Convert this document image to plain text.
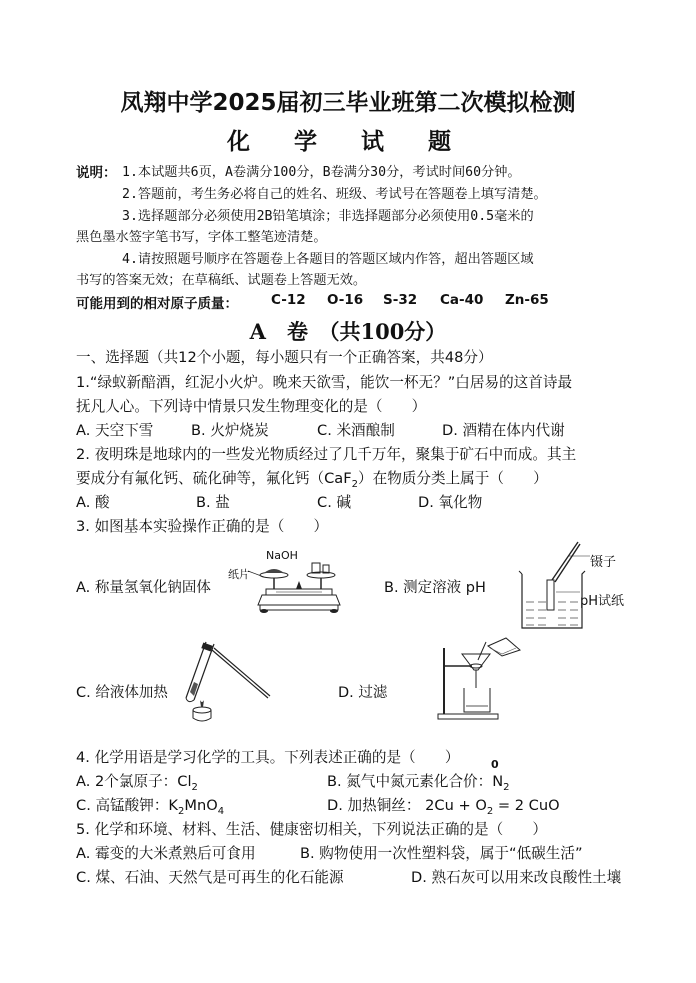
凤翔中学2025届初三毕业班第二次模拟检测
化 学 试 题
说明： 1.本试题共6页，A卷满分100分，B卷满分30分，考试时间60分钟。
2.答题前，考生务必将自己的姓名、班级、考试号在答题卷上填写清楚。
3.选择题部分必须使用2B铅笔填涂；非选择题部分必须使用0.5毫米的
黑色墨水签字笔书写，字体工整笔迹清楚。
4.请按照题号顺序在答题卷上各题目的答题区域内作答，超出答题区域
书写的答案无效；在草稿纸、试题卷上答题无效。
可能用到的相对原子质量： C-12 O-16 S-32 Ca-40 Zn-65
A　卷　（共100分）
一、选择题（共12个小题，每小题只有一个正确答案，共48分）
1.“绿蚁新醅酒，红泥小火炉。晚来天欲雪，能饮一杯无？”白居易的这首诗最
抚凡人心。下列诗中情景只发生物理变化的是（　　）
A. 天空下雪	B. 火炉烧炭	C. 米酒酿制	D. 酒精在体内代谢
2. 夜明珠是地球内的一些发光物质经过了几千万年，聚集于矿石中而成。其主
要成分有氟化钙、硫化砷等，氟化钙（CaF$_2$）在物质分类上属于（　　）
A. 酸	B. 盐	C. 碱	D. 氧化物
3. 如图基本实验操作正确的是（　　）
A. 称量氢氧化钠固体	B. 测定溶液 pH
C. 给液体加热	D. 过滤
NaOH
纸片
镊子
pH试纸
4. 化学用语是学习化学的工具。下列表述正确的是（　　）
A. 2个氯原子：$Cl_2$	B. 氮气中氮元素化合价：$N_2$
0
C. 高锰酸钾：$K_2MnO_4$	D. 加热铜丝： $2Cu + O_2 = 2$ CuO
5. 化学和环境、材料、生活、健康密切相关，下列说法正确的是（　　）
A. 霉变的大米煮熟后可食用	B. 购物使用一次性塑料袋，属于“低碳生活”
C. 煤、石油、天然气是可再生的化石能源	D. 熟石灰可以用来改良酸性土壤
